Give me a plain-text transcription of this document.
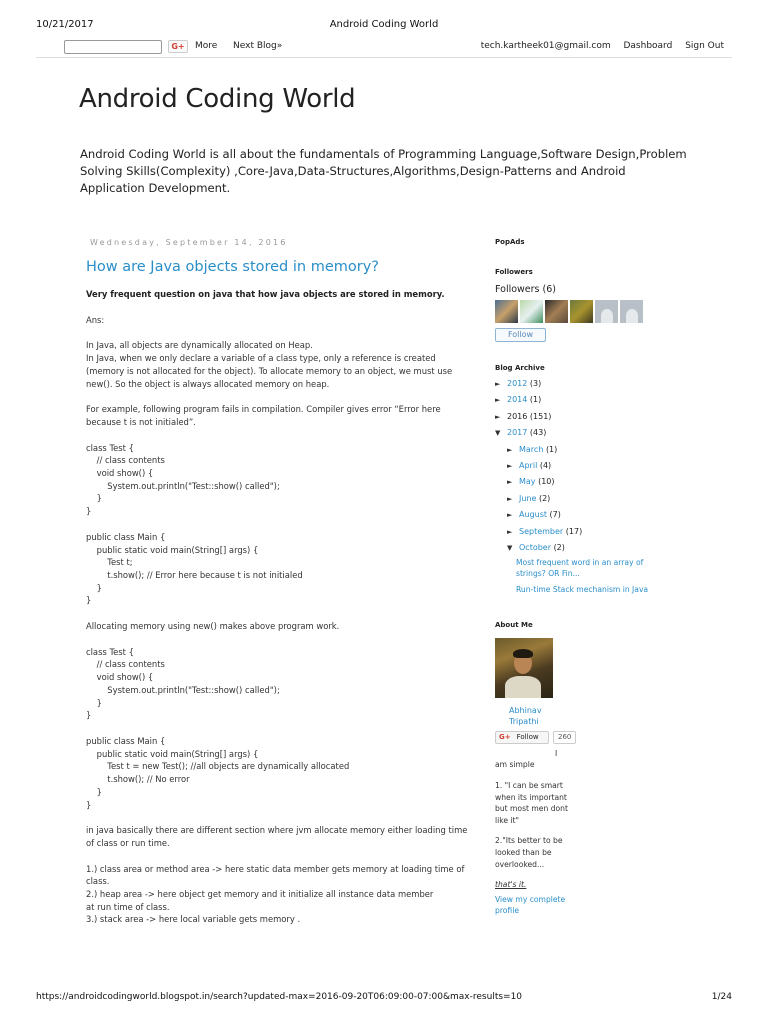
10/21/2017	Android Coding World
G+	More Next Blog»	tech.kartheek01@gmail.com Dashboard Sign Out
Android Coding World
Android Coding World is all about the fundamentals of Programming Language,Software Design,Problem Solving Skills(Complexity) ,Core-Java,Data-Structures,Algorithms,Design-Patterns and Android Application Development.
Wednesday, September 14, 2016
How are Java objects stored in memory?
Very frequent question on java that how java objects are stored in memory.
Ans:
In Java, all objects are dynamically allocated on Heap.
In Java, when we only declare a variable of a class type, only a reference is created
(memory is not allocated for the object). To allocate memory to an object, we must use
new(). So the object is always allocated memory on heap.
For example, following program fails in compilation. Compiler gives error “Error here
because t is not initialed”.
class Test {
// class contents
void show() {
System.out.println("Test::show() called");
}
}
public class Main {
public static void main(String[] args) {
Test t;
t.show(); // Error here because t is not initialed
}
}
Allocating memory using new() makes above program work.
class Test {
// class contents
void show() {
System.out.println("Test::show() called");
}
}
public class Main {
public static void main(String[] args) {
Test t = new Test(); //all objects are dynamically allocated
t.show(); // No error
}
}
in java basically there are different section where jvm allocate memory either loading time
of class or run time.
1.) class area or method area -> here static data member gets memory at loading time of
class.
2.) heap area -> here object get memory and it initialize all instance data member
at run time of class.
3.) stack area -> here local variable gets memory .
PopAds
Followers
Followers (6)
Follow
Blog Archive
► 2012 (3)
► 2014 (1)
► 2016 (151)
▼ 2017 (43)
► March (1)
► April (4)
► May (10)
► June (2)
► August (7)
► September (17)
▼ October (2)
Most frequent word in an array of strings? OR Fin...
Run-time Stack mechanism in Java
About Me
Abhinav
Tripathi
G+ Follow	260
I
am simple
1. "I can be smart
when its important
but most men dont
like it"
2."Its better to be
looked than be
overlooked...
that's it.
View my complete
profile
https://androidcodingworld.blogspot.in/search?updated-max=2016-09-20T06:09:00-07:00&max-results=10	1/24
